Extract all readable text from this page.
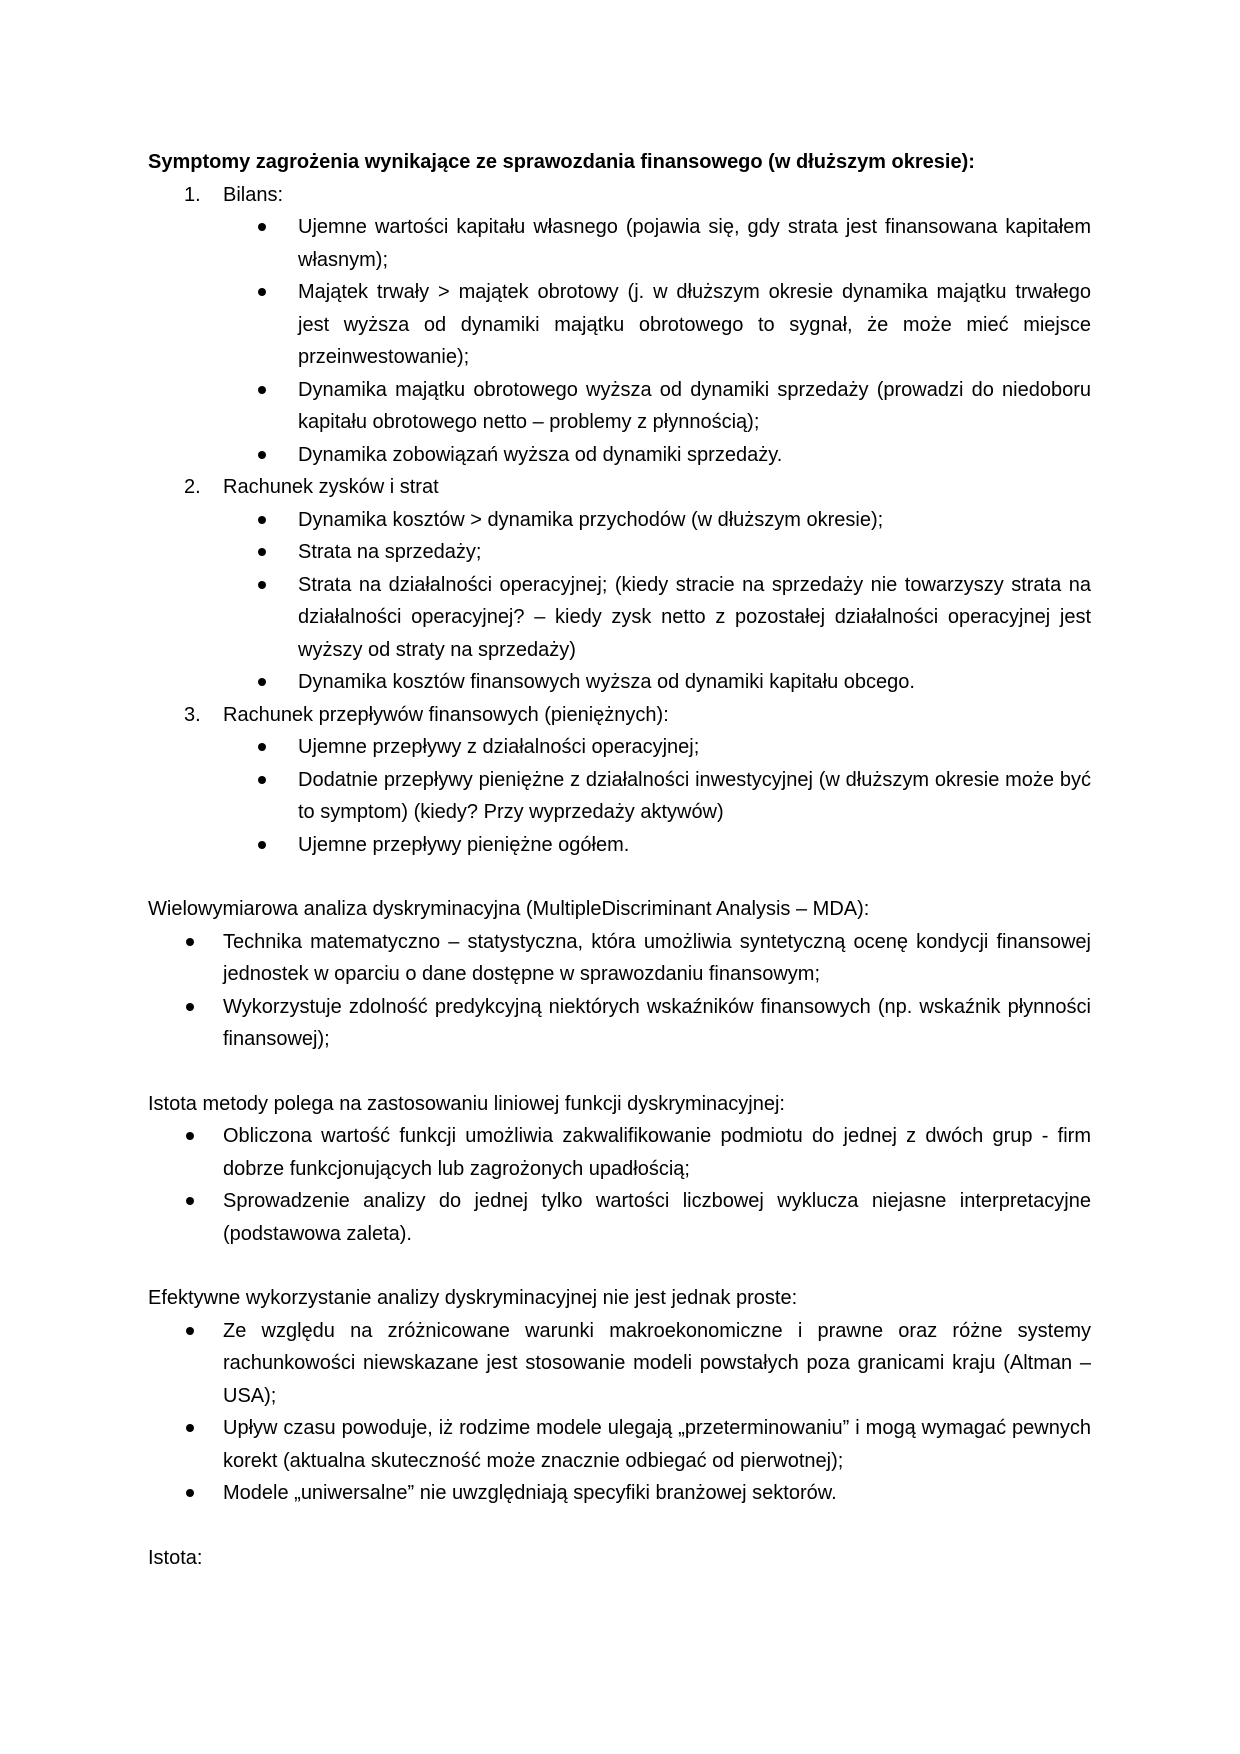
Symptomy zagrożenia wynikające ze sprawozdania finansowego (w dłuższym okresie):

1. Bilans:
Ujemne wartości kapitału własnego (pojawia się, gdy strata jest finansowana kapitałem własnym);
Majątek trwały > majątek obrotowy (j. w dłuższym okresie dynamika majątku trwałego jest wyższa od dynamiki majątku obrotowego to sygnał, że może mieć miejsce przeinwestowanie);
Dynamika majątku obrotowego wyższa od dynamiki sprzedaży (prowadzi do niedoboru kapitału obrotowego netto – problemy z płynnością);
Dynamika zobowiązań wyższa od dynamiki sprzedaży.
2. Rachunek zysków i strat
Dynamika kosztów > dynamika przychodów (w dłuższym okresie);
Strata na sprzedaży;
Strata na działalności operacyjnej; (kiedy stracie na sprzedaży nie towarzyszy strata na działalności operacyjnej? – kiedy zysk netto z pozostałej działalności operacyjnej jest wyższy od straty na sprzedaży)
Dynamika kosztów finansowych wyższa od dynamiki kapitału obcego.
3. Rachunek przepływów finansowych (pieniężnych):
Ujemne przepływy z działalności operacyjnej;
Dodatnie przepływy pieniężne z działalności inwestycyjnej (w dłuższym okresie może być to symptom) (kiedy? Przy wyprzedaży aktywów)
Ujemne przepływy pieniężne ogółem.

Wielowymiarowa analiza dyskryminacyjna (MultipleDiscriminant Analysis – MDA):

Technika matematyczno – statystyczna, która umożliwia syntetyczną ocenę kondycji finansowej jednostek w oparciu o dane dostępne w sprawozdaniu finansowym;
Wykorzystuje zdolność predykcyjną niektórych wskaźników finansowych (np. wskaźnik płynności finansowej);

Istota metody polega na zastosowaniu liniowej funkcji dyskryminacyjnej:

Obliczona wartość funkcji umożliwia zakwalifikowanie podmiotu do jednej z dwóch grup - firm dobrze funkcjonujących lub zagrożonych upadłością;
Sprowadzenie analizy do jednej tylko wartości liczbowej wyklucza niejasne interpretacyjne (podstawowa zaleta).

Efektywne wykorzystanie analizy dyskryminacyjnej nie jest jednak proste:

Ze względu na zróżnicowane warunki makroekonomiczne i prawne oraz różne systemy rachunkowości niewskazane jest stosowanie modeli powstałych poza granicami kraju (Altman –USA);
Upływ czasu powoduje, iż rodzime modele ulegają „przeterminowaniu” i mogą wymagać pewnych korekt (aktualna skuteczność może znacznie odbiegać od pierwotnej);
Modele „uniwersalne” nie uwzględniają specyfiki branżowej sektorów.

Istota:
